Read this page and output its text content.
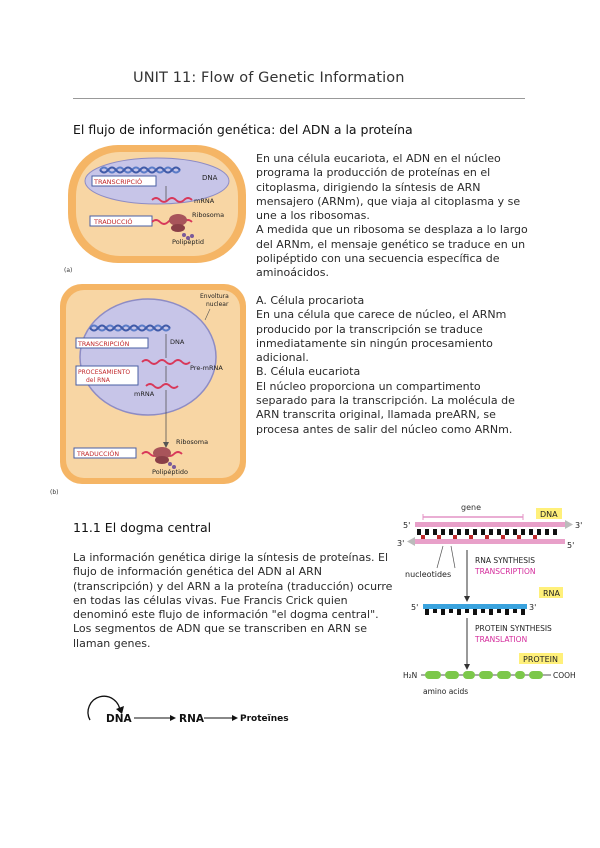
UNIT 11: Flow of Genetic Information
El flujo de información genética: del ADN a la proteína
TRANSCRIPCIÓ	DNA
mRNA
TRADUCCIÓ
Ribosoma
Polipèptid
(a)
Envoltura
nuclear
TRANSCRIPCIÓN	DNA
Pre-mRNA
PROCESAMIENTO
del RNA
mRNA
Ribosoma
TRADUCCIÓN
Polipéptido
(b)

En una célula eucariota, el ADN en el núcleo programa la producción de proteínas en el citoplasma, dirigiendo la síntesis de ARN mensajero (ARNm), que viaja al citoplasma y se une a los ribosomas.

A medida que un ribosoma se desplaza a lo largo del ARNm, el mensaje genético se traduce en un polipéptido con una secuencia específica de aminoácidos.

A. Célula procariota

En una célula que carece de núcleo, el ARNm producido por la transcripción se traduce inmediatamente sin ningún procesamiento adicional.

B. Célula eucariota

El núcleo proporciona un compartimento separado para la transcripción. La molécula de ARN transcrita original, llamada preARN, se procesa antes de salir del núcleo como ARNm.

11.1 El dogma central

La información genética dirige la síntesis de proteínas. El flujo de información genética del ADN al ARN (transcripción) y del ARN a la proteína (traducción) ocurre en todas las células vivas. Fue Francis Crick quien denominó este flujo de información "el dogma central". Los segmentos de ADN que se transcriben en ARN se llaman genes.

DNA	RNA	Proteïnes
gene
DNA
5'	3'
3'	5'
nucleotides
RNA SYNTHESIS
TRANSCRIPTION
RNA
5'	3'
PROTEIN SYNTHESIS
TRANSLATION
PROTEIN
H₂N	COOH
amino acids
